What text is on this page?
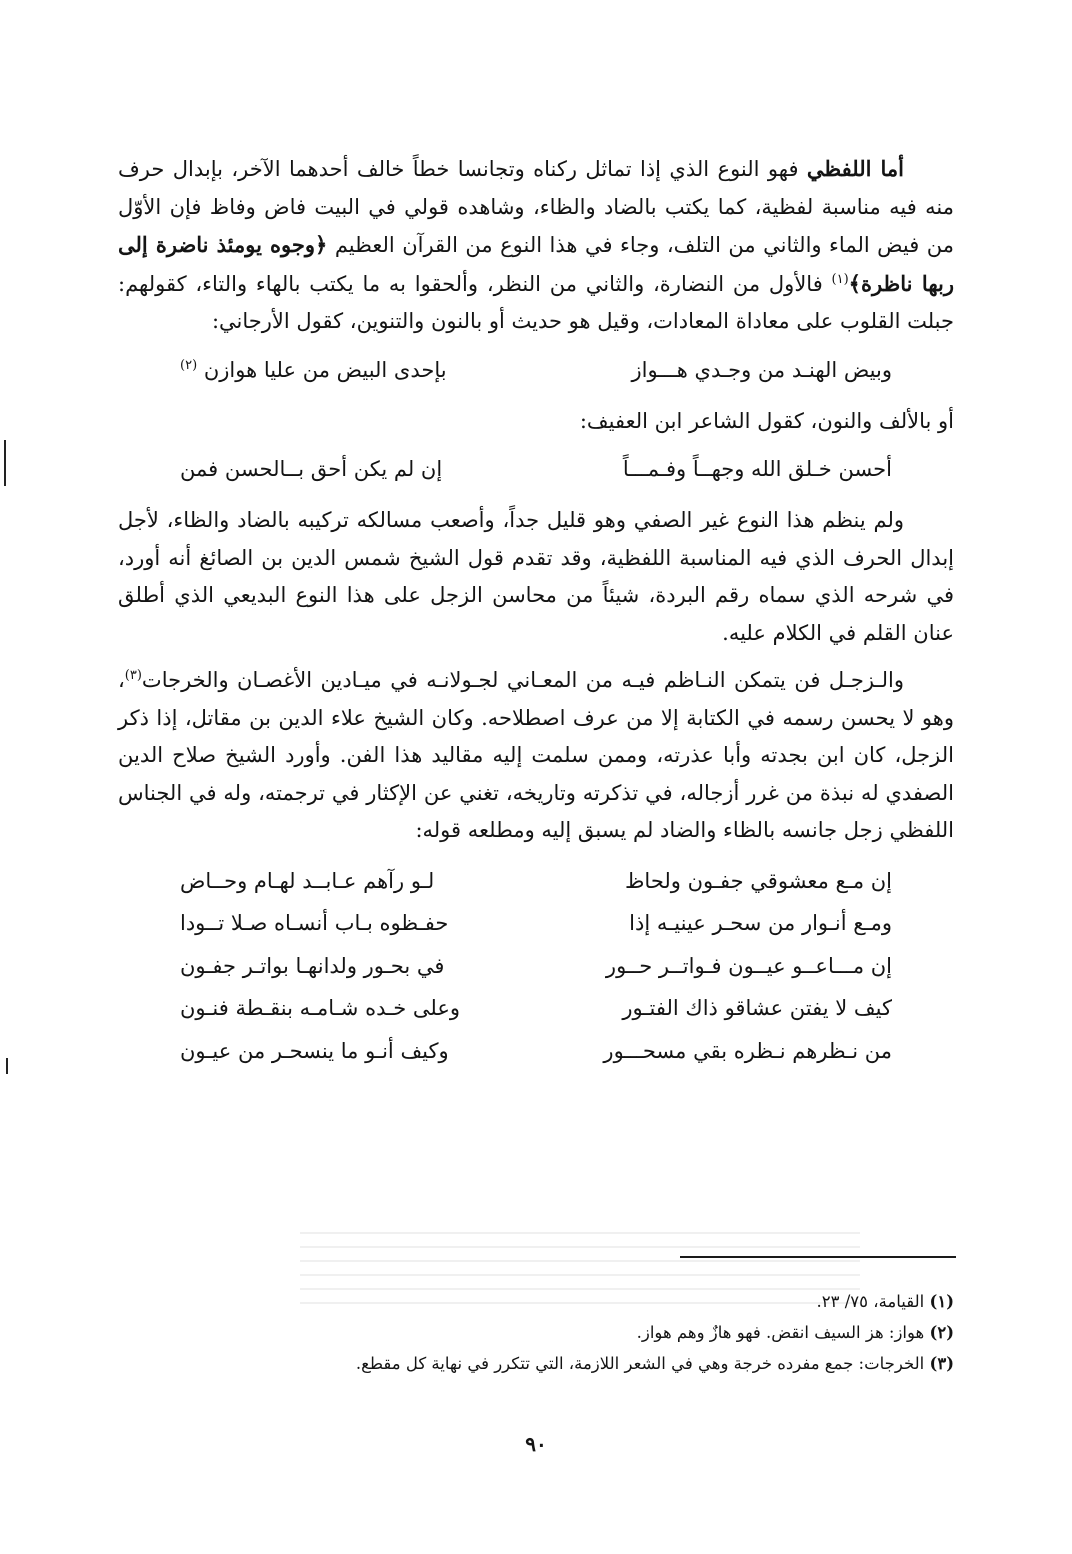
أما اللفظي فهو النوع الذي إذا تماثل ركناه وتجانسا خطاً خالف أحدهما الآخر، بإبدال حرف منه فيه مناسبة لفظية، كما يكتب بالضاد والظاء، وشاهده قولي في البيت فاض وفاظ فإن الأوّل من فيض الماء والثاني من التلف، وجاء في هذا النوع من القرآن العظيم ﴿وجوه يومئذ ناضرة إلى ربها ناظرة﴾$^{(١)}$ فالأول من النضارة، والثاني من النظر، وألحقوا به ما يكتب بالهاء والتاء، كقولهم: جبلت القلوب على معاداة المعادات، وقيل هو حديث أو بالنون والتنوين، كقول الأرجاني:

وبيض الهنـد من وجـدي هـــواز
بإحدى البيض من عليا هوازن $^{(٢)}$

أو بالألف والنون، كقول الشاعر ابن العفيف:

أحسن خـلق الله وجهــاً وفـمـــاً
إن لم يكن أحق بــالحسن فمن

ولم ينظم هذا النوع غير الصفي وهو قليل جداً، وأصعب مسالكه تركيبه بالضاد والظاء، لأجل إبدال الحرف الذي فيه المناسبة اللفظية، وقد تقدم قول الشيخ شمس الدين بن الصائغ أنه أورد، في شرحه الذي سماه رقم البردة، شيئاً من محاسن الزجل على هذا النوع البديعي الذي أطلق عنان القلم في الكلام عليه.

والـزجـل فن يتمكن النـاظم فيـه من المعـاني لجـولانـه في ميـادين الأغصـان والخرجات$^{(٣)}$، وهو لا يحسن رسمه في الكتابة إلا من عرف اصطلاحه. وكان الشيخ علاء الدين بن مقاتل، إذا ذكر الزجل، كان ابن بجدته وأبا عذرته، وممن سلمت إليه مقاليد هذا الفن. وأورد الشيخ صلاح الدين الصفدي له نبذة من غرر أزجاله، في تذكرته وتاريخه، تغني عن الإكثار في ترجمته، وله في الجناس اللفظي زجل جانسه بالظاء والضاد لم يسبق إليه ومطلعه قوله:

إن مـع معشوقي جفـون ولحاظ
لـو رآهم عـابــد لهـام وحــاض
ومـع أنـوار من سحـر عينيـه إذا
حفـظوه بـاب أنسـاه صـلا تــودا
إن مـــاعــو عيــون فـواتــر حــور
في بحـور ولدانهـا بواتـر جفـون
كيف لا يفتن عشاقو ذاك الفتـور
وعلى خـده شـامـه بنقـطة فنـون
من نـظرهم نـظره بقي مسحـــور
وكيف أنـو ما ينسحـر من عيـون
(١) القيامة، ٧٥/ ٢٣.
(٢) هواز: هز السيف انقض. فهو هازٌ وهم هواز.
(٣) الخرجات: جمع مفرده خرجة وهي في الشعر اللازمة، التي تتكرر في نهاية كل مقطع.
٩٠
